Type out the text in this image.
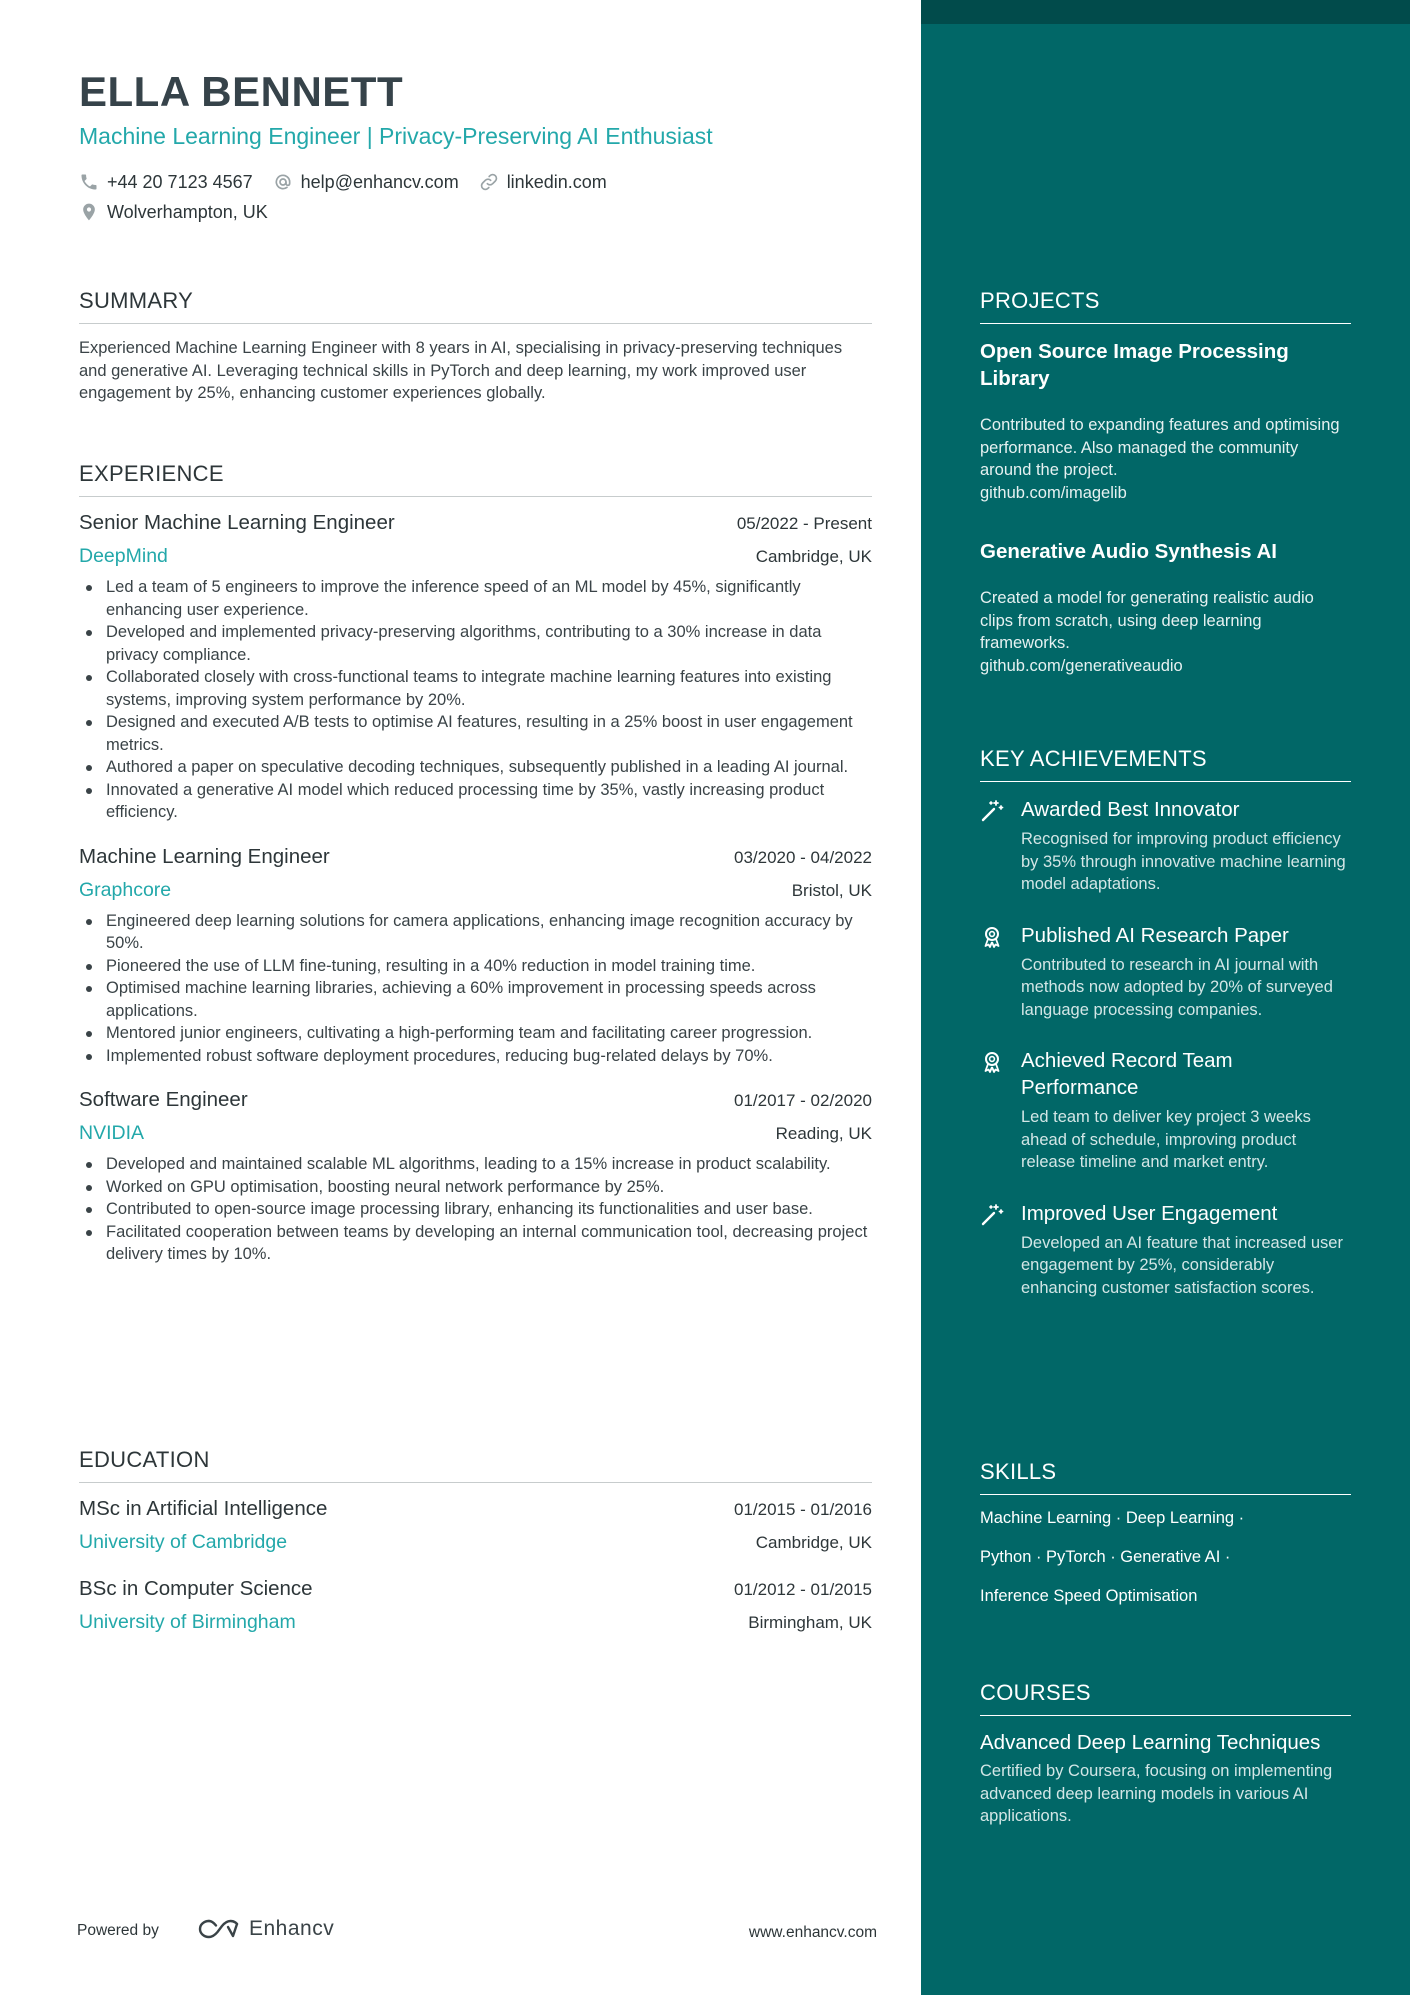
ELLA BENNETT
Machine Learning Engineer | Privacy-Preserving AI Enthusiast
+44 20 7123 4567	help@enhancv.com	linkedin.com
Wolverhampton, UK
SUMMARY

Experienced Machine Learning Engineer with 8 years in AI, specialising in privacy-preserving techniques and generative AI. Leveraging technical skills in PyTorch and deep learning, my work improved user engagement by 25%, enhancing customer experiences globally.

EXPERIENCE
Senior Machine Learning Engineer	05/2022 - Present
DeepMind	Cambridge, UK
Led a team of 5 engineers to improve the inference speed of an ML model by 45%, significantly enhancing user experience.
Developed and implemented privacy-preserving algorithms, contributing to a 30% increase in data privacy compliance.
Collaborated closely with cross-functional teams to integrate machine learning features into existing systems, improving system performance by 20%.
Designed and executed A/B tests to optimise AI features, resulting in a 25% boost in user engagement metrics.
Authored a paper on speculative decoding techniques, subsequently published in a leading AI journal.
Innovated a generative AI model which reduced processing time by 35%, vastly increasing product efficiency.
Machine Learning Engineer	03/2020 - 04/2022
Graphcore	Bristol, UK
Engineered deep learning solutions for camera applications, enhancing image recognition accuracy by 50%.
Pioneered the use of LLM fine-tuning, resulting in a 40% reduction in model training time.
Optimised machine learning libraries, achieving a 60% improvement in processing speeds across applications.
Mentored junior engineers, cultivating a high-performing team and facilitating career progression.
Implemented robust software deployment procedures, reducing bug-related delays by 70%.
Software Engineer	01/2017 - 02/2020
NVIDIA	Reading, UK
Developed and maintained scalable ML algorithms, leading to a 15% increase in product scalability.
Worked on GPU optimisation, boosting neural network performance by 25%.
Contributed to open-source image processing library, enhancing its functionalities and user base.
Facilitated cooperation between teams by developing an internal communication tool, decreasing project delivery times by 10%.
EDUCATION
MSc in Artificial Intelligence	01/2015 - 01/2016
University of Cambridge	Cambridge, UK
BSc in Computer Science	01/2012 - 01/2015
University of Birmingham	Birmingham, UK
Powered by	Enhancv	www.enhancv.com
PROJECTS
Open Source Image Processing Library
Contributed to expanding features and optimising performance. Also managed the community around the project.
github.com/imagelib
Generative Audio Synthesis AI
Created a model for generating realistic audio clips from scratch, using deep learning frameworks.
github.com/generativeaudio
KEY ACHIEVEMENTS
Awarded Best Innovator
Recognised for improving product efficiency by 35% through innovative machine learning model adaptations.
Published AI Research Paper
Contributed to research in AI journal with methods now adopted by 20% of surveyed language processing companies.
Achieved Record Team Performance
Led team to deliver key project 3 weeks ahead of schedule, improving product release timeline and market entry.
Improved User Engagement
Developed an AI feature that increased user engagement by 25%, considerably enhancing customer satisfaction scores.
SKILLS
Machine Learning · Deep Learning ·
Python · PyTorch · Generative AI ·
Inference Speed Optimisation
COURSES
Advanced Deep Learning Techniques
Certified by Coursera, focusing on implementing advanced deep learning models in various AI applications.
